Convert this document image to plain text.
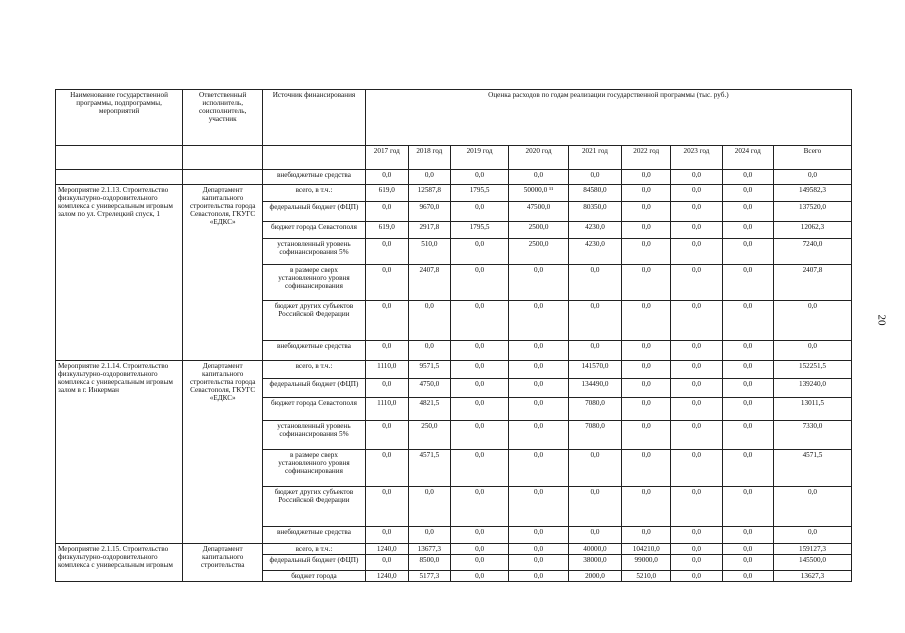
Наименование государственной программы, подпрограммы, мероприятий	Ответственный исполнитель, соисполнитель, участник	Источник финансирования	Оценка расходов по годам реализации государственной программы (тыс. руб.)								
			2017 год	2018 год	2019 год	2020 год	2021 год	2022 год	2023 год	2024 год	Всего
		внебюджетные средства	0,0	0,0	0,0	0,0	0,0	0,0	0,0	0,0	0,0
Мероприятие 2.1.13. Строительство физкультурно-оздоровительного комплекса с универсальным игровым залом по ул. Стрелецкий спуск, 1	Департамент капитального строительства города Севастополя, ГКУГС «ЕДКС»	всего, в т.ч.:	619,0	12587,8	1795,5	50000,0 ¹¹	84580,0	0,0	0,0	0,0	149582,3
		федеральный бюджет (ФЦП)	0,0	9670,0	0,0	47500,0	80350,0	0,0	0,0	0,0	137520,0
		бюджет города Севастополя	619,0	2917,8	1795,5	2500,0	4230,0	0,0	0,0	0,0	12062,3
		установленный уровень софинансирования 5%	0,0	510,0	0,0	2500,0	4230,0	0,0	0,0	0,0	7240,0
		в размере сверх установленного уровня софинансирования	0,0	2407,8	0,0	0,0	0,0	0,0	0,0	0,0	2407,8
		бюджет других субъектов Российской Федерации	0,0	0,0	0,0	0,0	0,0	0,0	0,0	0,0	0,0
		внебюджетные средства	0,0	0,0	0,0	0,0	0,0	0,0	0,0	0,0	0,0
Мероприятие 2.1.14. Строительство физкультурно-оздоровительного комплекса с универсальным игровым залом в г. Инкерман	Департамент капитального строительства города Севастополя, ГКУГС «ЕДКС»	всего, в т.ч.:	1110,0	9571,5	0,0	0,0	141570,0	0,0	0,0	0,0	152251,5
		федеральный бюджет (ФЦП)	0,0	4750,0	0,0	0,0	134490,0	0,0	0,0	0,0	139240,0
		бюджет города Севастополя	1110,0	4821,5	0,0	0,0	7080,0	0,0	0,0	0,0	13011,5
		установленный уровень софинансирования 5%	0,0	250,0	0,0	0,0	7080,0	0,0	0,0	0,0	7330,0
		в размере сверх установленного уровня софинансирования	0,0	4571,5	0,0	0,0	0,0	0,0	0,0	0,0	4571,5
		бюджет других субъектов Российской Федерации	0,0	0,0	0,0	0,0	0,0	0,0	0,0	0,0	0,0
		внебюджетные средства	0,0	0,0	0,0	0,0	0,0	0,0	0,0	0,0	0,0
Мероприятие 2.1.15. Строительство физкультурно-оздоровительного комплекса с универсальным игровым	Департамент капитального строительства	всего, в т.ч.:	1240,0	13677,3	0,0	0,0	40000,0	104210,0	0,0	0,0	159127,3
		федеральный бюджет (ФЦП)	0,0	8500,0	0,0	0,0	38000,0	99000,0	0,0	0,0	145500,0
		бюджет города	1240,0	5177,3	0,0	0,0	2000,0	5210,0	0,0	0,0	13627,3
20
